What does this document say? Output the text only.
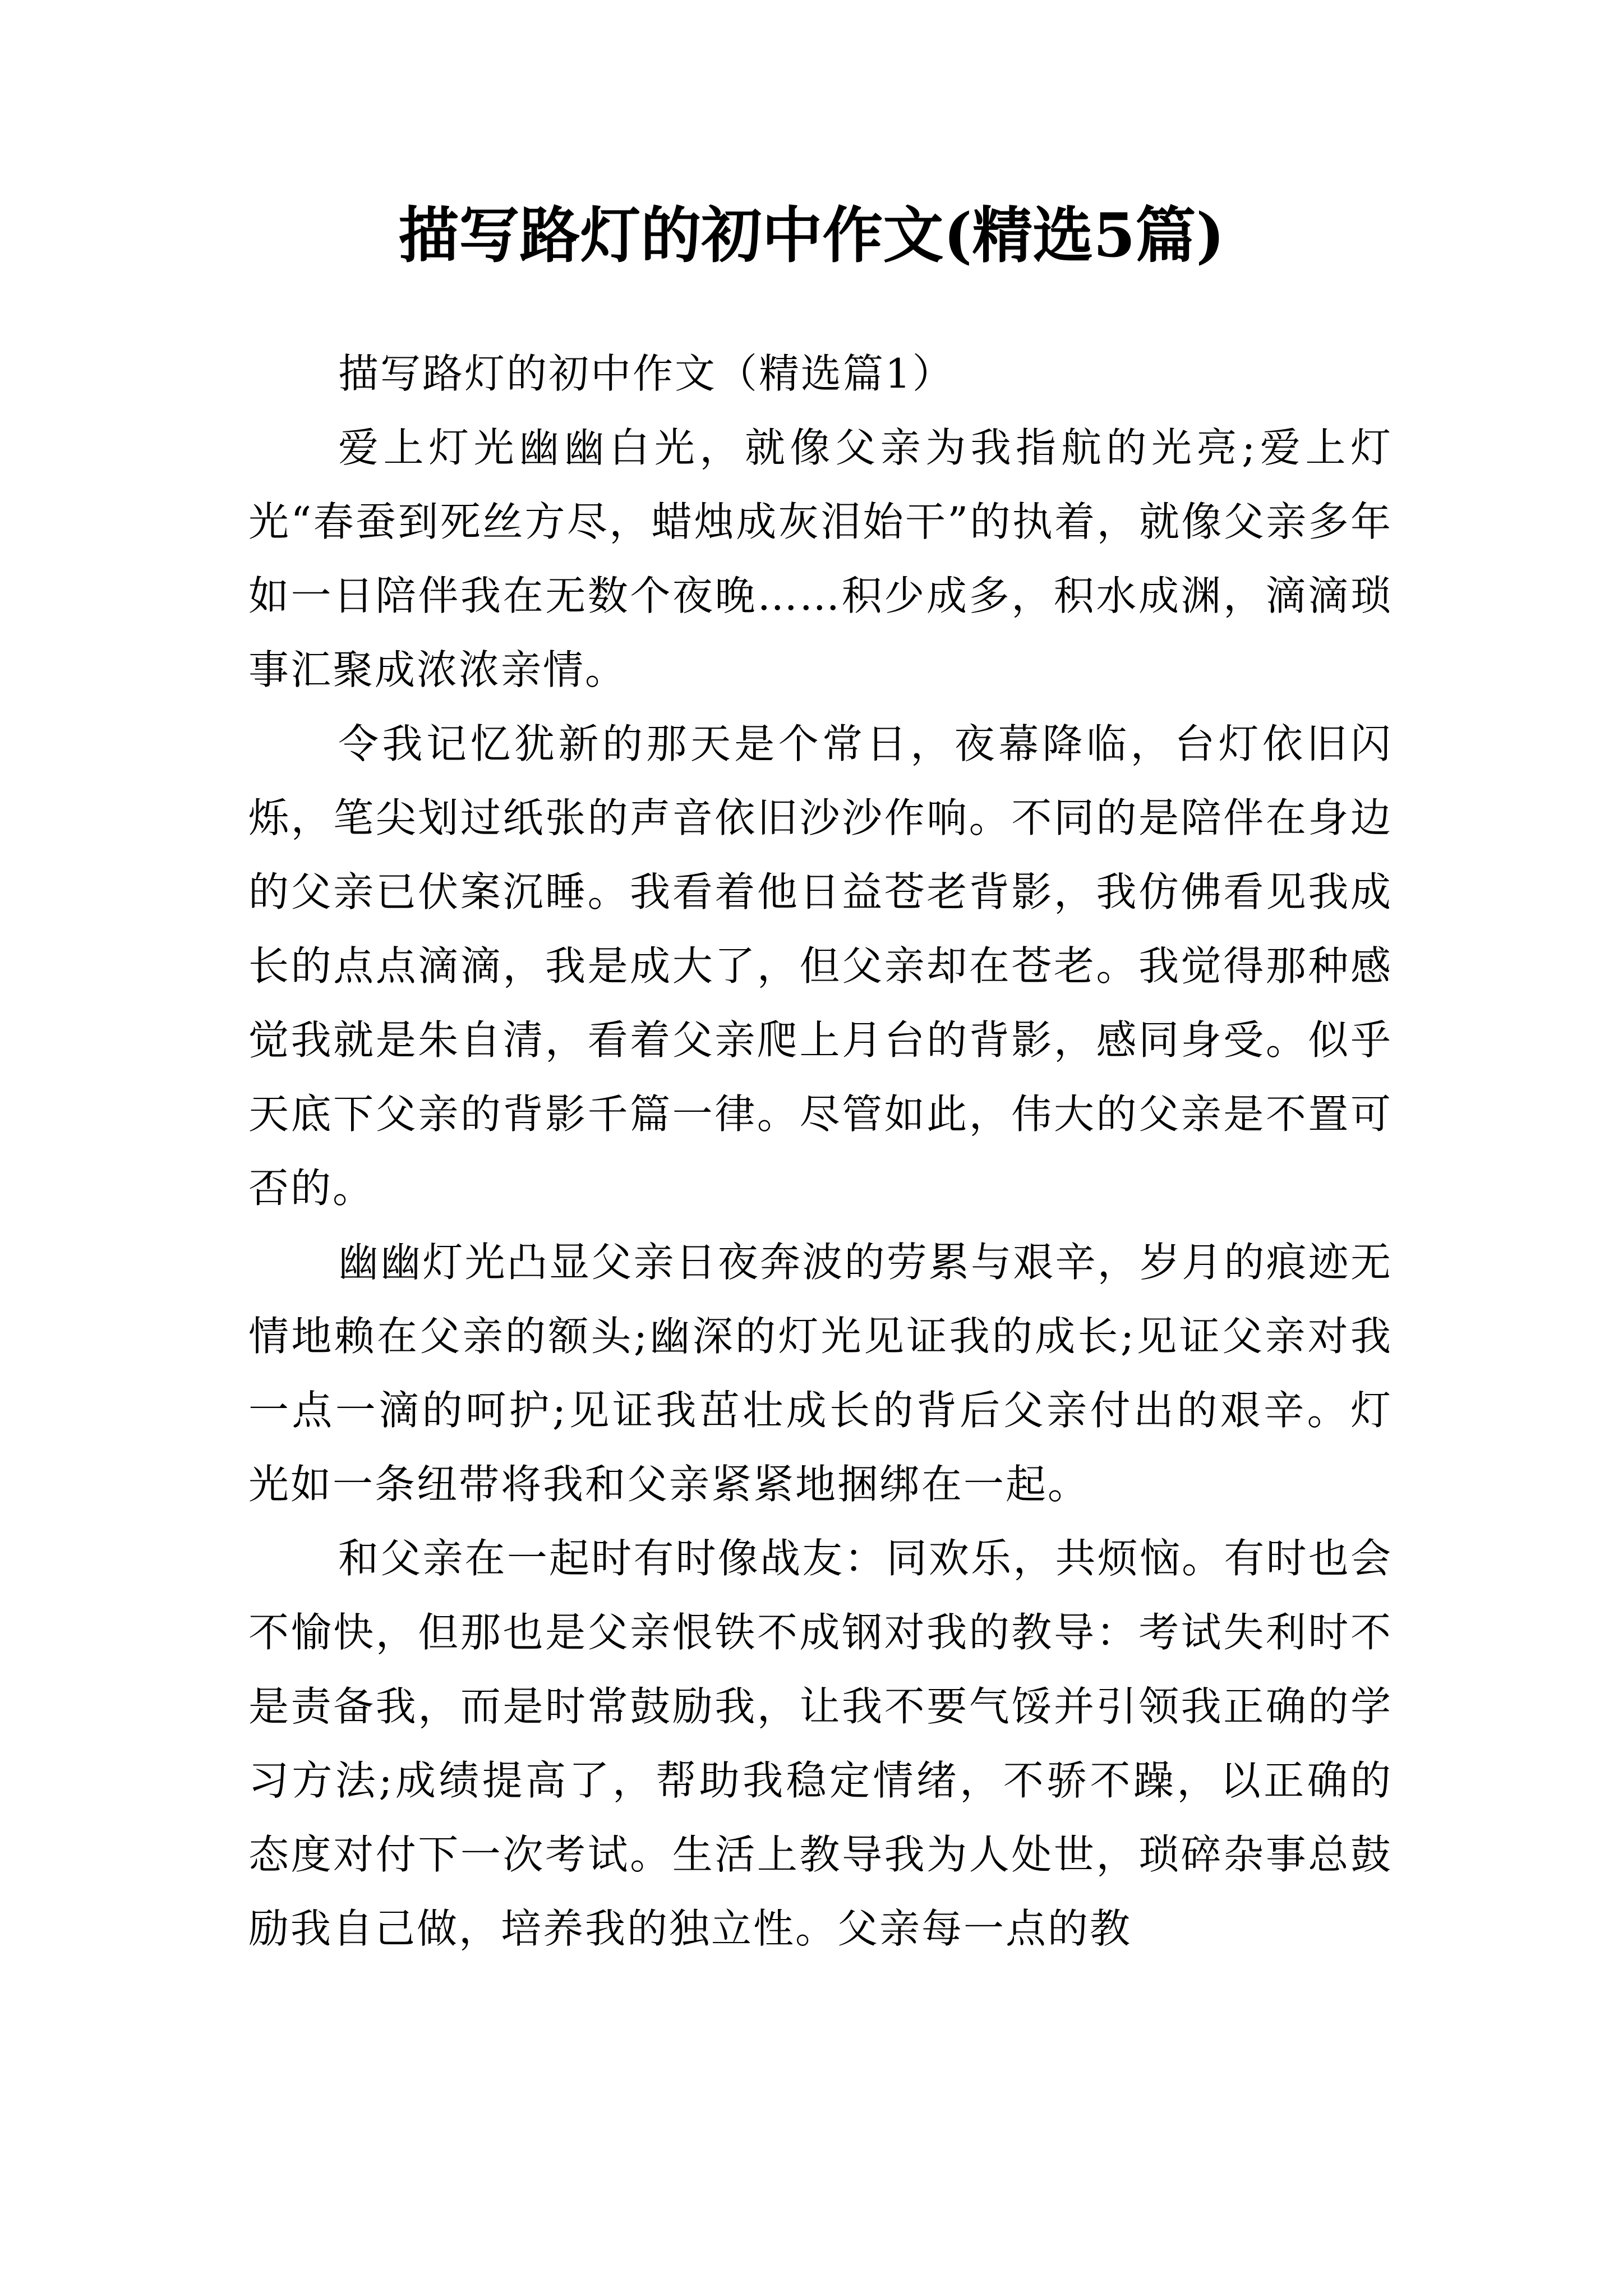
描写路灯的初中作文(精选5篇)

描写路灯的初中作文（精选篇1）

爱上灯光幽幽白光，就像父亲为我指航的光亮;爱上灯光“春蚕到死丝方尽，蜡烛成灰泪始干”的执着，就像父亲多年如一日陪伴我在无数个夜晚……积少成多，积水成渊，滴滴琐事汇聚成浓浓亲情。

令我记忆犹新的那天是个常日，夜幕降临，台灯依旧闪烁，笔尖划过纸张的声音依旧沙沙作响。不同的是陪伴在身边的父亲已伏案沉睡。我看着他日益苍老背影，我仿佛看见我成长的点点滴滴，我是成大了，但父亲却在苍老。我觉得那种感觉我就是朱自清，看着父亲爬上月台的背影，感同身受。似乎天底下父亲的背影千篇一律。尽管如此，伟大的父亲是不置可否的。

幽幽灯光凸显父亲日夜奔波的劳累与艰辛，岁月的痕迹无情地赖在父亲的额头;幽深的灯光见证我的成长;见证父亲对我一点一滴的呵护;见证我茁壮成长的背后父亲付出的艰辛。灯光如一条纽带将我和父亲紧紧地捆绑在一起。

和父亲在一起时有时像战友：同欢乐，共烦恼。有时也会不愉快，但那也是父亲恨铁不成钢对我的教导：考试失利时不是责备我，而是时常鼓励我，让我不要气馁并引领我正确的学习方法;成绩提高了，帮助我稳定情绪，不骄不躁，以正确的态度对付下一次考试。生活上教导我为人处世，琐碎杂事总鼓励我自己做，培养我的独立性。父亲每一点的教
